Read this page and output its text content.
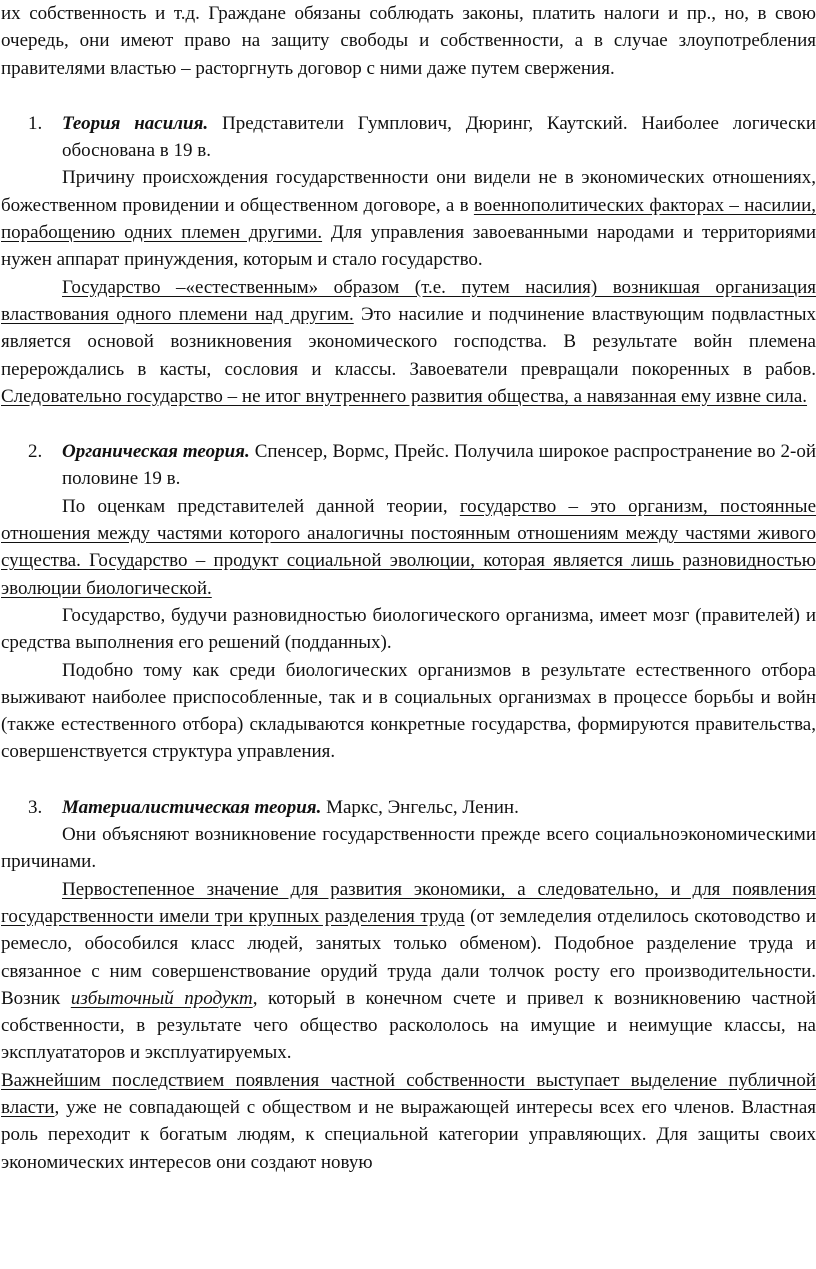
их собственность и т.д. Граждане обязаны соблюдать законы, платить налоги и пр., но, в свою очередь, они имеют право на защиту свободы и собственности, а в случае злоупотребления правителями властью – расторгнуть договор с ними даже путем свержения.

1.	Теория насилия. Представители Гумплович, Дюринг, Каутский. Наиболее логически обоснована в 19 в.

Причину происхождения государственности они видели не в экономических отношениях, божественном провидении и общественном договоре, а в военнополитических факторах – насилии, порабощению одних племен другими. Для управления завоеванными народами и территориями нужен аппарат принуждения, которым и стало государство.

Государство –«естественным» образом (т.е. путем насилия) возникшая организация властвования одного племени над другим. Это насилие и подчинение властвующим подвластных является основой возникновения экономического господства. В результате войн племена перерождались в касты, сословия и классы. Завоеватели превращали покоренных в рабов. Следовательно государство – не итог внутреннего развития общества, а навязанная ему извне сила.

2.	Органическая теория. Спенсер, Вормс, Прейс. Получила широкое распространение во 2-ой половине 19 в.

По оценкам представителей данной теории, государство – это организм, постоянные отношения между частями которого аналогичны постоянным отношениям между частями живого существа. Государство – продукт социальной эволюции, которая является лишь разновидностью эволюции биологической.

Государство, будучи разновидностью биологического организма, имеет мозг (правителей) и средства выполнения его решений (подданных).

Подобно тому как среди биологических организмов в результате естественного отбора выживают наиболее приспособленные, так и в социальных организмах в процессе борьбы и войн (также естественного отбора) складываются конкретные государства, формируются правительства, совершенствуется структура управления.

3.	Материалистическая теория. Маркс, Энгельс, Ленин.

Они объясняют возникновение государственности прежде всего социальноэкономическими причинами.

Первостепенное значение для развития экономики, а следовательно, и для появления государственности имели три крупных разделения труда (от земледелия отделилось скотоводство и ремесло, обособился класс людей, занятых только обменом). Подобное разделение труда и связанное с ним совершенствование орудий труда дали толчок росту его производительности. Возник избыточный продукт, который в конечном счете и привел к возникновению частной собственности, в результате чего общество раскололось на имущие и неимущие классы, на эксплуататоров и эксплуатируемых.

Важнейшим последствием появления частной собственности выступает выделение публичной власти, уже не совпадающей с обществом и не выражающей интересы всех его членов. Властная роль переходит к богатым людям, к специальной категории управляющих. Для защиты своих экономических интересов они создают новую
